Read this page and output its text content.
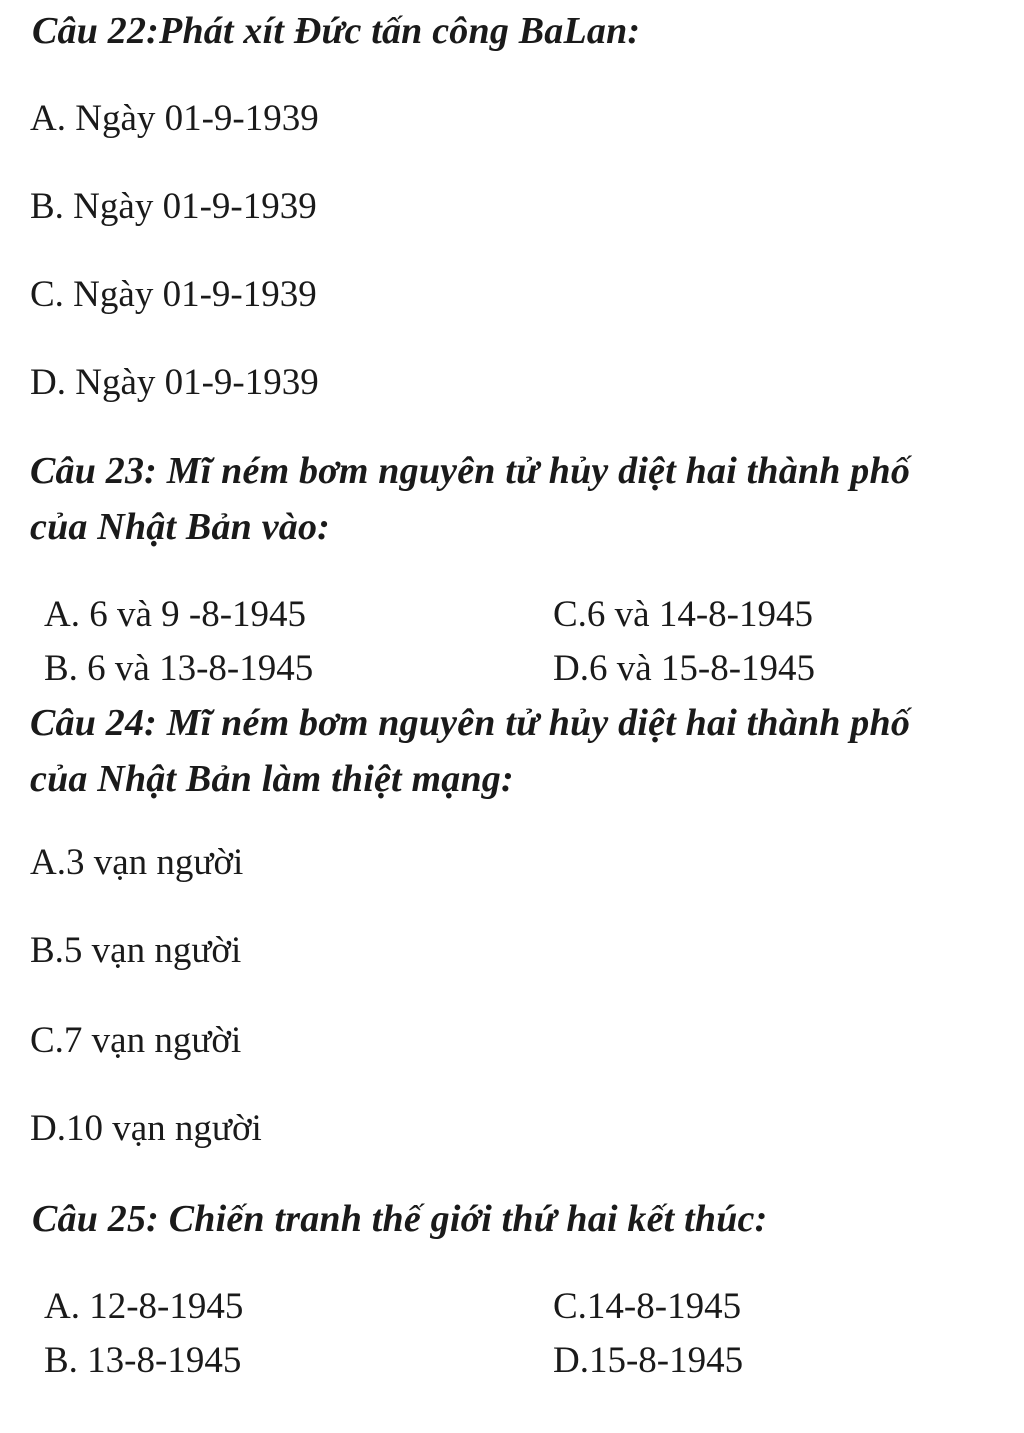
Câu 22:Phát xít Đức tấn công BaLan:
A. Ngày 01-9-1939
B. Ngày 01-9-1939
C. Ngày 01-9-1939
D. Ngày 01-9-1939
Câu 23: Mĩ ném bơm nguyên tử hủy diệt hai thành phố
của Nhật Bản vào:
A. 6 và 9 -8-1945	C.6 và 14-8-1945
B. 6 và 13-8-1945	D.6 và 15-8-1945
Câu 24: Mĩ ném bơm nguyên tử hủy diệt hai thành phố
của Nhật Bản làm thiệt mạng:
A.3 vạn người
B.5 vạn người
C.7 vạn người
D.10 vạn người
Câu 25: Chiến tranh thế giới thứ hai kết thúc:
A. 12-8-1945	C.14-8-1945
B. 13-8-1945	D.15-8-1945
